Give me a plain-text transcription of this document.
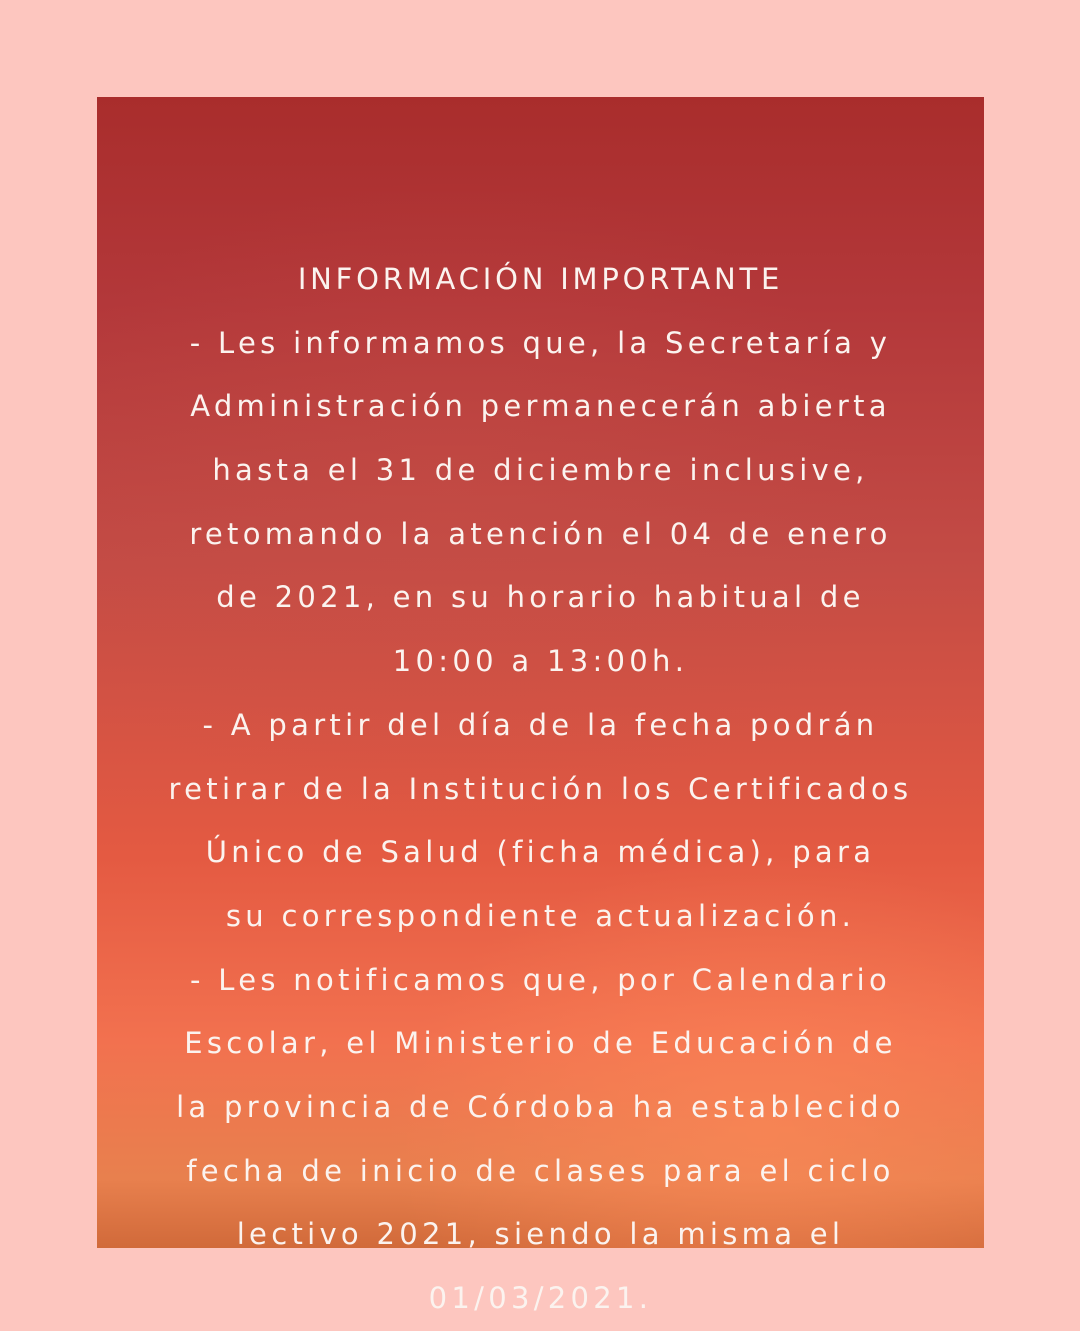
INFORMACIÓN IMPORTANTE
- Les informamos que, la Secretaría y
Administración permanecerán abierta
hasta el 31 de diciembre inclusive,
retomando la atención el 04 de enero
de 2021, en su horario habitual de
10:00 a 13:00h.
- A partir del día de la fecha podrán
retirar de la Institución los Certificados
Único de Salud (ficha médica), para
su correspondiente actualización.
- Les notificamos que, por Calendario
Escolar, el Ministerio de Educación de
la provincia de Córdoba ha establecido
fecha de inicio de clases para el ciclo
lectivo 2021, siendo la misma el
01/03/2021.
